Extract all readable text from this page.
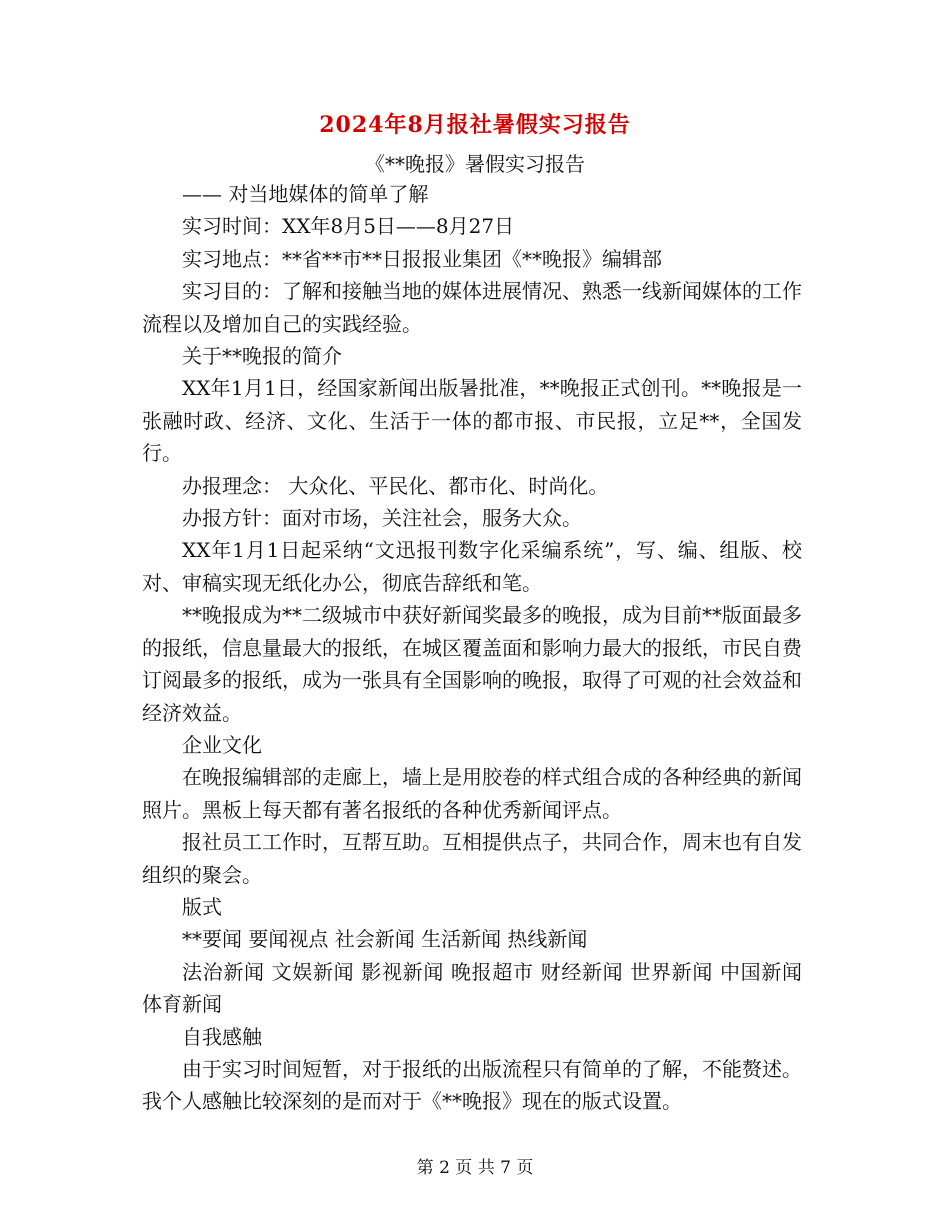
2024年8月报社暑假实习报告
《**晚报》暑假实习报告

—— 对当地媒体的简单了解

实习时间：XX年8月5日——8月27日

实习地点：**省**市**日报报业集团《**晚报》编辑部

实习目的：了解和接触当地的媒体进展情况、熟悉一线新闻媒体的工作流程以及增加自己的实践经验。

关于**晚报的简介

XX年1月1日，经国家新闻出版暑批准，**晚报正式创刊。**晚报是一张融时政、经济、文化、生活于一体的都市报、市民报，立足**，全国发行。

办报理念： 大众化、平民化、都市化、时尚化。

办报方针：面对市场，关注社会，服务大众。

XX年1月1日起采纳“文迅报刊数字化采编系统”，写、编、组版、校对、审稿实现无纸化办公，彻底告辞纸和笔。

**晚报成为**二级城市中获好新闻奖最多的晚报，成为目前**版面最多的报纸，信息量最大的报纸，在城区覆盖面和影响力最大的报纸，市民自费订阅最多的报纸，成为一张具有全国影响的晚报，取得了可观的社会效益和经济效益。

企业文化

在晚报编辑部的走廊上，墙上是用胶卷的样式组合成的各种经典的新闻照片。黑板上每天都有著名报纸的各种优秀新闻评点。

报社员工工作时，互帮互助。互相提供点子，共同合作，周末也有自发组织的聚会。

版式

**要闻 要闻视点 社会新闻 生活新闻 热线新闻

法治新闻 文娱新闻 影视新闻 晚报超市 财经新闻 世界新闻 中国新闻 体育新闻

自我感触

由于实习时间短暂，对于报纸的出版流程只有简单的了解，不能赘述。我个人感触比较深刻的是而对于《**晚报》现在的版式设置。

第 2 页 共 7 页
